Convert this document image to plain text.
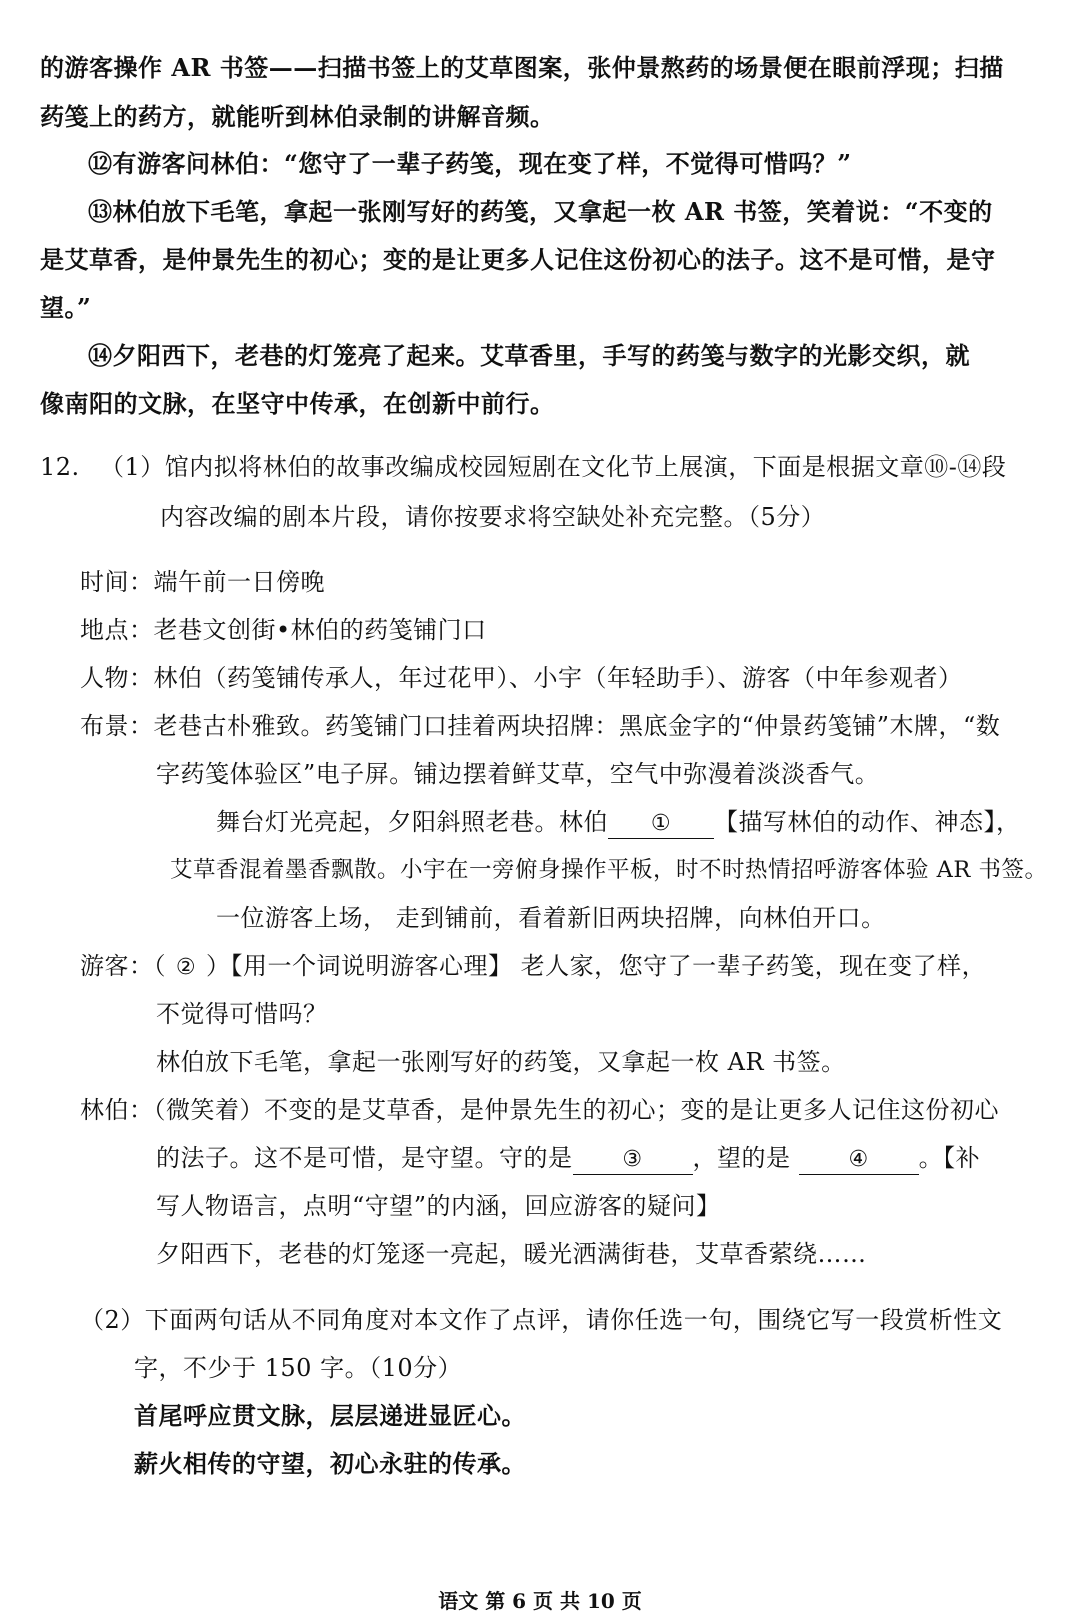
的游客操作 AR 书签——扫描书签上的艾草图案，张仲景熬药的场景便在眼前浮现；扫描
药笺上的药方，就能听到林伯录制的讲解音频。
⑫有游客问林伯：“您守了一辈子药笺，现在变了样，不觉得可惜吗？”
⑬林伯放下毛笔，拿起一张刚写好的药笺，又拿起一枚 AR 书签，笑着说：“不变的
是艾草香，是仲景先生的初心；变的是让更多人记住这份初心的法子。这不是可惜，是守
望。”
⑭夕阳西下，老巷的灯笼亮了起来。艾草香里，手写的药笺与数字的光影交织，就
像南阳的文脉，在坚守中传承，在创新中前行。
12. （1）馆内拟将林伯的故事改编成校园短剧在文化节上展演，下面是根据文章⑩-⑭段
内容改编的剧本片段，请你按要求将空缺处补充完整。（5分）
时间：端午前一日傍晚
地点：老巷文创街•林伯的药笺铺门口
人物：林伯（药笺铺传承人，年过花甲）、小宇（年轻助手）、游客（中年参观者）
布景：老巷古朴雅致。药笺铺门口挂着两块招牌：黑底金字的“仲景药笺铺”木牌，“数
字药笺体验区”电子屏。铺边摆着鲜艾草，空气中弥漫着淡淡香气。
舞台灯光亮起，夕阳斜照老巷。林伯 ① 【描写林伯的动作、神态】，
艾草香混着墨香飘散。小宇在一旁俯身操作平板，时不时热情招呼游客体验 AR 书签。
一位游客上场， 走到铺前，看着新旧两块招牌，向林伯开口。
游客：（ ② ）【用一个词说明游客心理】 老人家，您守了一辈子药笺，现在变了样，
不觉得可惜吗？
林伯放下毛笔，拿起一张刚写好的药笺，又拿起一枚 AR 书签。
林伯：（微笑着）不变的是艾草香，是仲景先生的初心；变的是让更多人记住这份初心
的法子。这不是可惜，是守望。守的是 ③ ，望的是 ④ 。【补
写人物语言，点明“守望”的内涵，回应游客的疑问】
夕阳西下，老巷的灯笼逐一亮起，暖光洒满街巷，艾草香萦绕……
（2）下面两句话从不同角度对本文作了点评，请你任选一句，围绕它写一段赏析性文
字，不少于 150 字。（10分）
首尾呼应贯文脉，层层递进显匠心。
薪火相传的守望，初心永驻的传承。
语文 第 6 页 共 10 页
